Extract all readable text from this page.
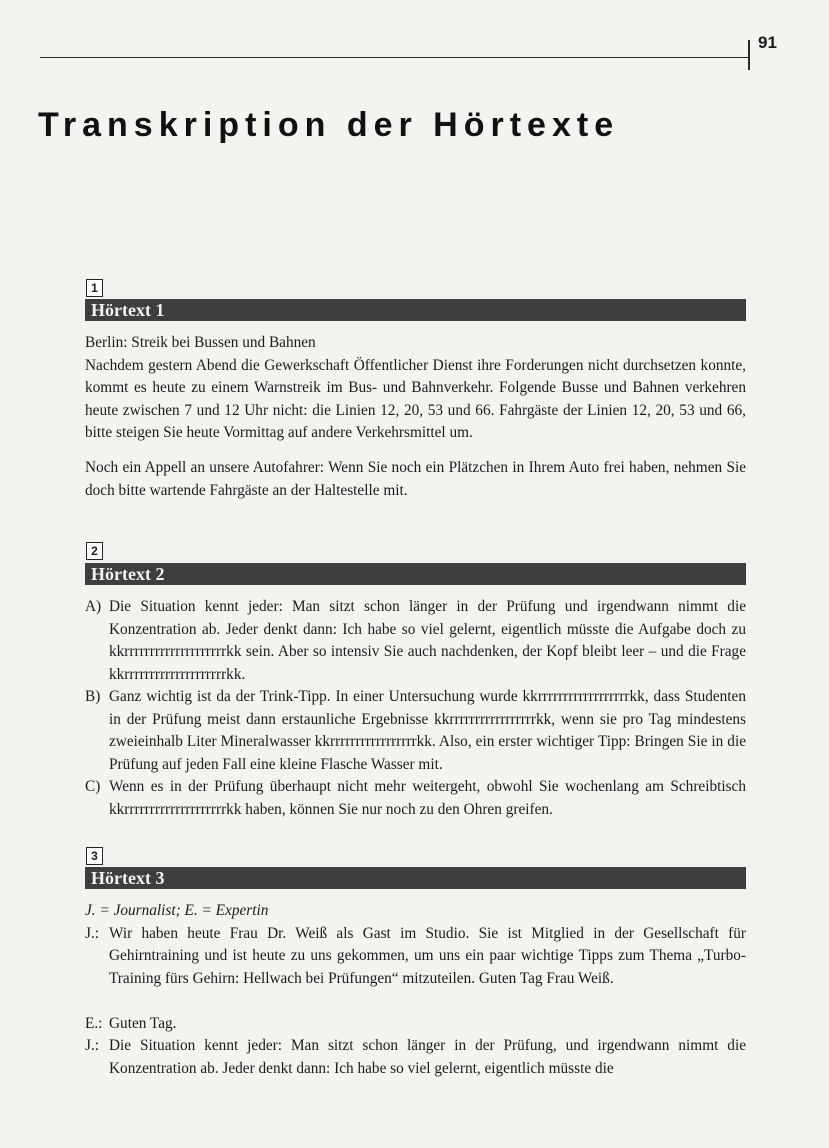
91
Transkription der Hörtexte
1
Hörtext 1
Berlin: Streik bei Bussen und Bahnen
Nachdem gestern Abend die Gewerkschaft Öffentlicher Dienst ihre Forderungen nicht durchsetzen konnte, kommt es heute zu einem Warnstreik im Bus- und Bahnverkehr. Folgende Busse und Bahnen verkehren heute zwischen 7 und 12 Uhr nicht: die Linien 12, 20, 53 und 66. Fahrgäste der Linien 12, 20, 53 und 66, bitte steigen Sie heute Vormittag auf andere Verkehrsmittel um.
Noch ein Appell an unsere Autofahrer: Wenn Sie noch ein Plätzchen in Ihrem Auto frei haben, nehmen Sie doch bitte wartende Fahrgäste an der Haltestelle mit.
2
Hörtext 2
A) Die Situation kennt jeder: Man sitzt schon länger in der Prüfung und irgendwann nimmt die Konzentration ab. Jeder denkt dann: Ich habe so viel gelernt, eigentlich müsste die Aufgabe doch zu kkrrrrrrrrrrrrrrrrrrrrkk sein. Aber so intensiv Sie auch nachdenken, der Kopf bleibt leer – und die Frage kkrrrrrrrrrrrrrrrrrrrrkk.
B) Ganz wichtig ist da der Trink-Tipp. In einer Untersuchung wurde kkrrrrrrrrrrrrrrrrrrkk, dass Studenten in der Prüfung meist dann erstaunliche Ergebnisse kkrrrrrrrrrrrrrrrrrkk, wenn sie pro Tag mindestens zweieinhalb Liter Mineralwasser kkrrrrrrrrrrrrrrrrrkk. Also, ein erster wichtiger Tipp: Bringen Sie in die Prüfung auf jeden Fall eine kleine Flasche Wasser mit.
C) Wenn es in der Prüfung überhaupt nicht mehr weitergeht, obwohl Sie wochenlang am Schreibtisch kkrrrrrrrrrrrrrrrrrrrrkk haben, können Sie nur noch zu den Ohren greifen.
3
Hörtext 3
J. = Journalist; E. = Expertin
J.: Wir haben heute Frau Dr. Weiß als Gast im Studio. Sie ist Mitglied in der Gesellschaft für Gehirntraining und ist heute zu uns gekommen, um uns ein paar wichtige Tipps zum Thema „Turbo-Training fürs Gehirn: Hellwach bei Prüfungen“ mitzuteilen. Guten Tag Frau Weiß.
E.: Guten Tag.
J.: Die Situation kennt jeder: Man sitzt schon länger in der Prüfung, und irgendwann nimmt die Konzentration ab. Jeder denkt dann: Ich habe so viel gelernt, eigentlich müsste die
